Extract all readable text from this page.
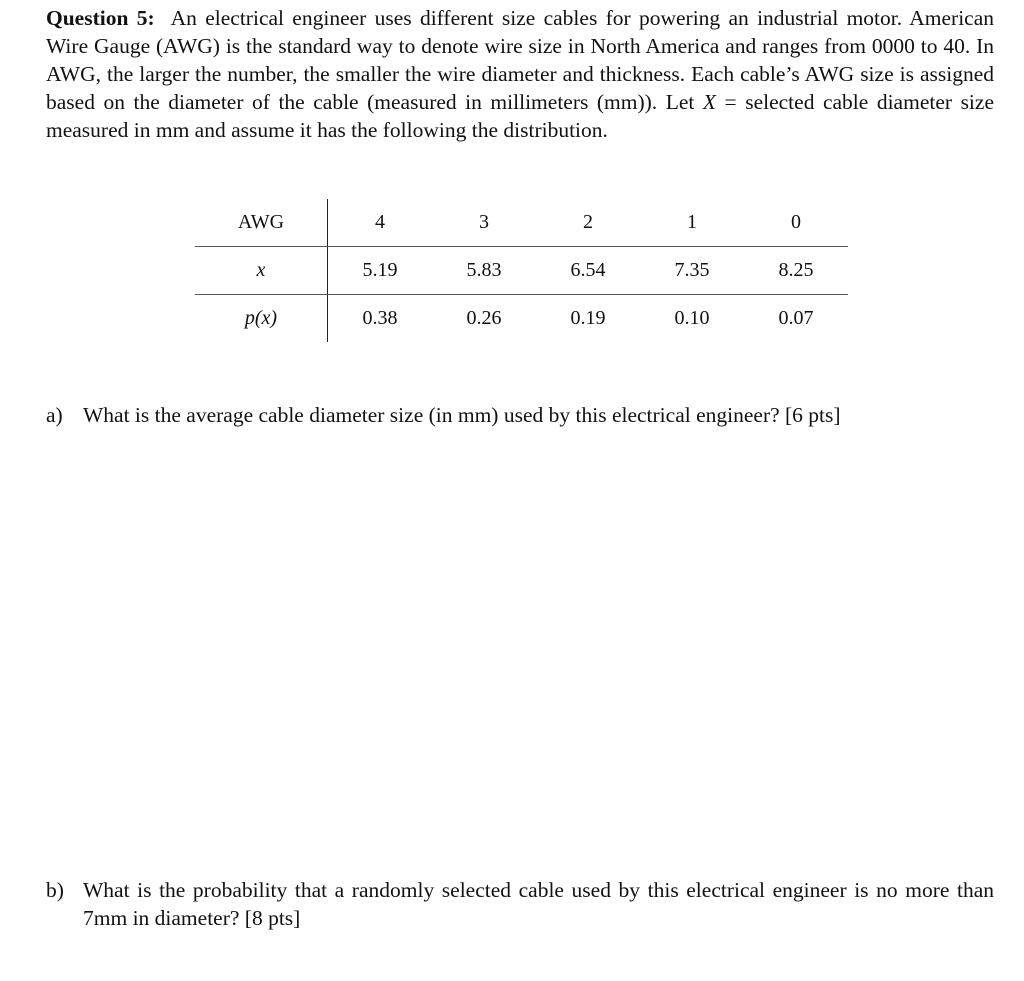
Question 5: An electrical engineer uses different size cables for powering an industrial motor. American Wire Gauge (AWG) is the standard way to denote wire size in North America and ranges from 0000 to 40. In AWG, the larger the number, the smaller the wire diameter and thickness. Each cable’s AWG size is assigned based on the diameter of the cable (measured in millimeters (mm)). Let X = selected cable diameter size measured in mm and assume it has the following the distribution.

AWG	4	3	2	1	0
x	5.19	5.83	6.54	7.35	8.25
p(x)	0.38	0.26	0.19	0.10	0.07
a) What is the average cable diameter size (in mm) used by this electrical engineer? [6 pts]
b) What is the probability that a randomly selected cable used by this electrical engineer is no more than 7mm in diameter? [8 pts]
